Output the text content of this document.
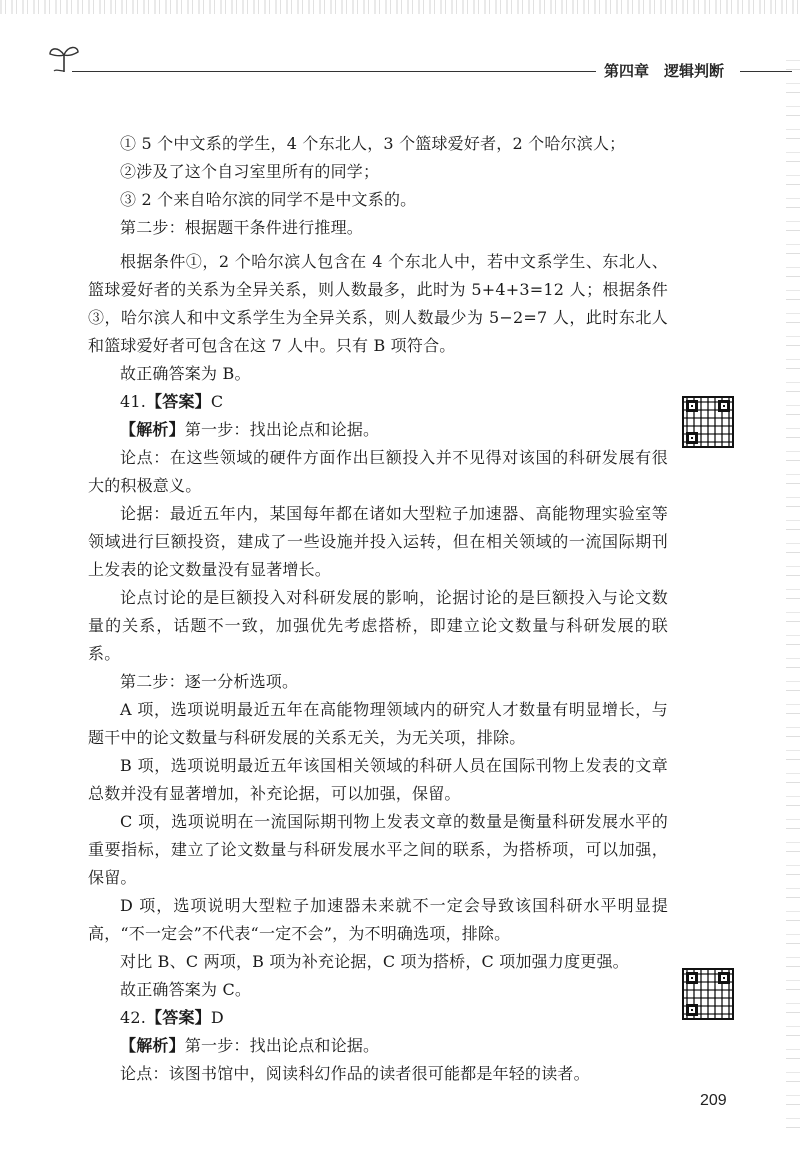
第四章　逻辑判断

① 5 个中文系的学生，4 个东北人，3 个篮球爱好者，2 个哈尔滨人；

②涉及了这个自习室里所有的同学；

③ 2 个来自哈尔滨的同学不是中文系的。

第二步：根据题干条件进行推理。

根据条件①，2 个哈尔滨人包含在 4 个东北人中，若中文系学生、东北人、篮球爱好者的关系为全异关系，则人数最多，此时为 5+4+3=12 人；根据条件③，哈尔滨人和中文系学生为全异关系，则人数最少为 5−2=7 人，此时东北人和篮球爱好者可包含在这 7 人中。只有 B 项符合。

故正确答案为 B。

41.【答案】C

【解析】第一步：找出论点和论据。

论点：在这些领域的硬件方面作出巨额投入并不见得对该国的科研发展有很大的积极意义。

论据：最近五年内，某国每年都在诸如大型粒子加速器、高能物理实验室等领域进行巨额投资，建成了一些设施并投入运转，但在相关领域的一流国际期刊上发表的论文数量没有显著增长。

论点讨论的是巨额投入对科研发展的影响，论据讨论的是巨额投入与论文数量的关系，话题不一致，加强优先考虑搭桥，即建立论文数量与科研发展的联系。

第二步：逐一分析选项。

A 项，选项说明最近五年在高能物理领域内的研究人才数量有明显增长，与题干中的论文数量与科研发展的关系无关，为无关项，排除。

B 项，选项说明最近五年该国相关领域的科研人员在国际刊物上发表的文章总数并没有显著增加，补充论据，可以加强，保留。

C 项，选项说明在一流国际期刊物上发表文章的数量是衡量科研发展水平的重要指标，建立了论文数量与科研发展水平之间的联系，为搭桥项，可以加强，保留。

D 项，选项说明大型粒子加速器未来就不一定会导致该国科研水平明显提高，“不一定会”不代表“一定不会”，为不明确选项，排除。

对比 B、C 两项，B 项为补充论据，C 项为搭桥，C 项加强力度更强。

故正确答案为 C。

42.【答案】D

【解析】第一步：找出论点和论据。

论点：该图书馆中，阅读科幻作品的读者很可能都是年轻的读者。

209
